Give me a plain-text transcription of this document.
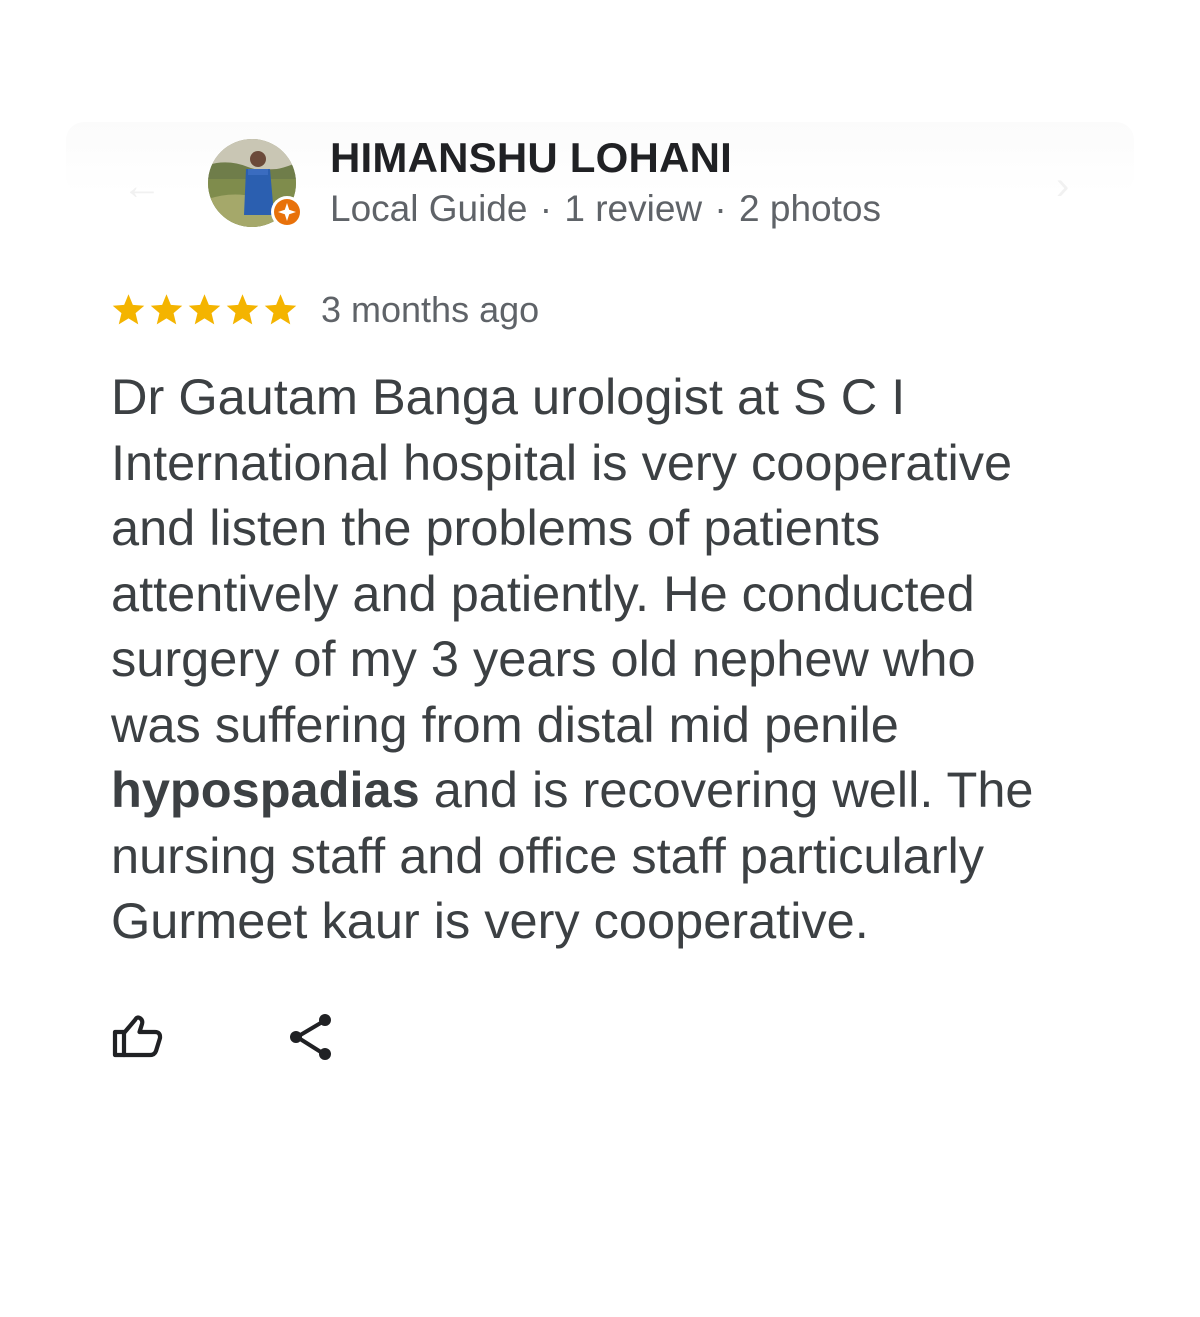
←	›
HIMANSHU LOHANI
Local Guide · 1 review · 2 photos
3 months ago
Dr Gautam Banga urologist at S C I
International hospital is very cooperative
and listen the problems of patients
attentively and patiently. He conducted
surgery of my 3 years old nephew who
was suffering from distal mid penile
hypospadias and is recovering well. The
nursing staff and office staff particularly
Gurmeet kaur is very cooperative.
